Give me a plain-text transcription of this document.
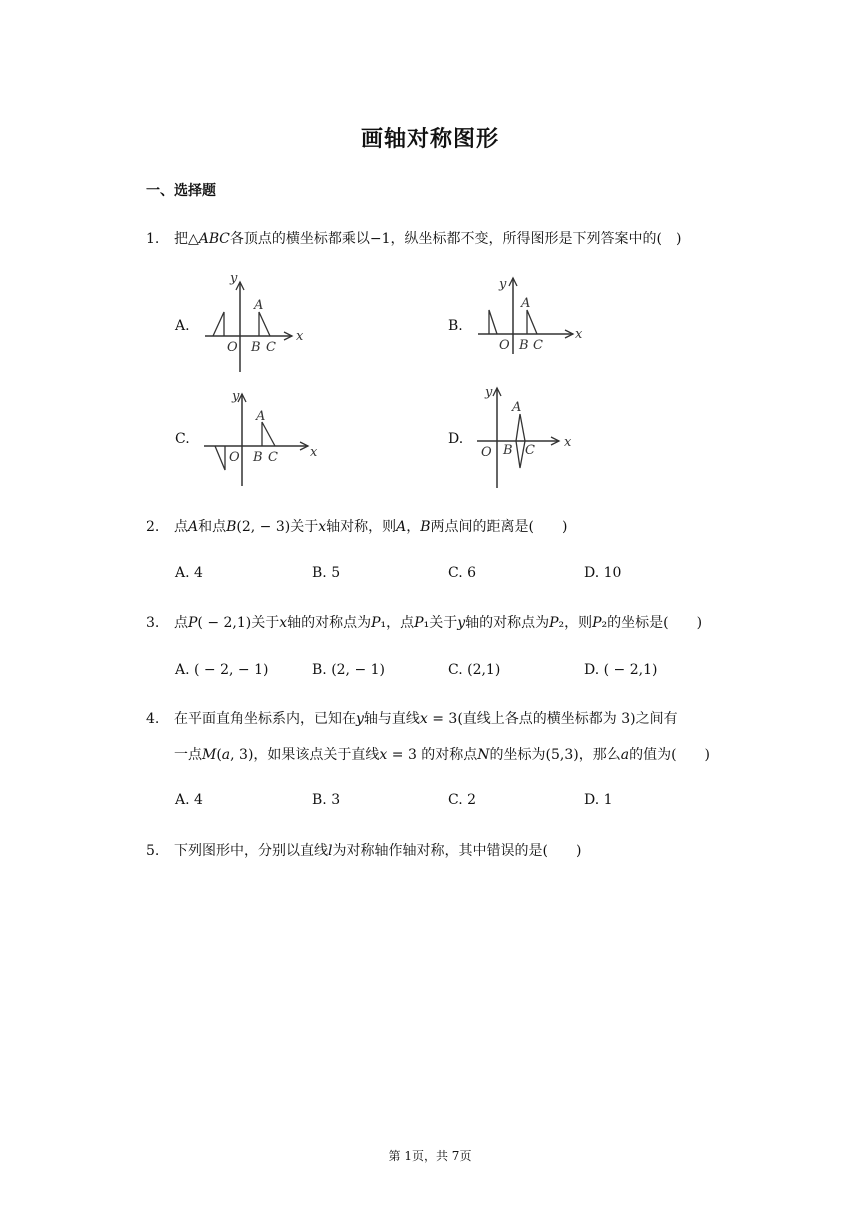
画轴对称图形
一、选择题
1. 把△𝐴𝐵𝐶各顶点的横坐标都乘以−1，纵坐标都不变，所得图形是下列答案中的(　)
A.
y
x
O
A
B C
B.
y
x
O
A
B C
C.
y
x
O
A
B C
D.
y
x
O
A
B C
2. 点𝐴和点𝐵(2, − 3)关于𝑥轴对称，则𝐴，𝐵两点间的距离是(　　)
A. 4	B. 5	C. 6	D. 10
3. 点𝑃( − 2,1)关于𝑥轴的对称点为𝑃₁，点𝑃₁关于𝑦轴的对称点为𝑃₂，则𝑃₂的坐标是(　　)
A. ( − 2, − 1)	B. (2, − 1)	C. (2,1)	D. ( − 2,1)
4. 在平面直角坐标系内，已知在𝑦轴与直线𝑥 = 3(直线上各点的横坐标都为 3)之间有
一点𝑀(𝑎, 3)，如果该点关于直线𝑥 = 3 的对称点𝑁的坐标为(5,3)，那么𝑎的值为(　　)
A. 4	B. 3	C. 2	D. 1
5. 下列图形中，分别以直线𝑙为对称轴作轴对称，其中错误的是(　　)
第 1页，共 7页
